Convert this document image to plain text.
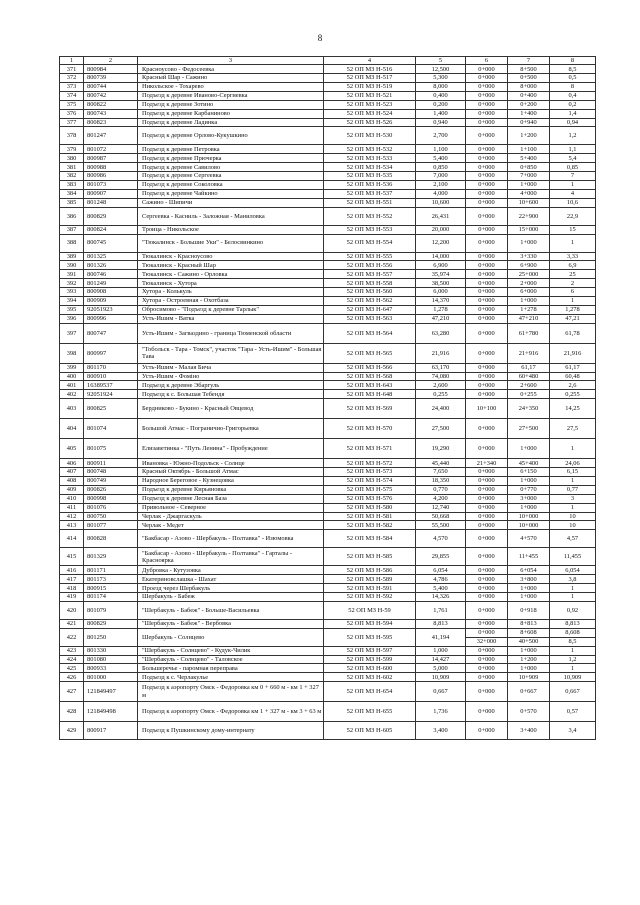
8
1	2	3	4	5	6	7	8
371	800984	Красноусово - Федосеевка	52 ОП МЗ Н-516	12,500	0+000	8+500	8,5
372	800739	Красный Шар - Сажино	52 ОП МЗ Н-517	5,300	0+000	0+500	0,5
373	800744	Никольское - Тохарево	52 ОП МЗ Н-519	8,000	0+000	8+000	8
374	800742	Подъезд к деревне Ивановo-Сергиевка	52 ОП МЗ Н-521	0,400	0+000	0+400	0,4
375	800822	Подъезд к деревне Зотино	52 ОП МЗ Н-523	0,200	0+000	0+200	0,2
376	800743	Подъезд к деревне Карбаниново	52 ОП МЗ Н-524	1,400	0+000	1+400	1,4
377	800823	Подъезд к деревне Ладинка	52 ОП МЗ Н-526	0,940	0+000	0+940	0,94
378	801247	Подъезд к деревне Орлово-Кукушкино	52 ОП МЗ Н-530	2,700	0+000	1+200	1,2
379	801072	Подъезд к деревне Петровка	52 ОП МЗ Н-532	1,100	0+000	1+100	1,1
380	800987	Подъезд к деревне Прючерка	52 ОП МЗ Н-533	5,400	0+000	5+400	5,4
381	800988	Подъезд к деревне Савилово	52 ОП МЗ Н-534	0,850	0+000	0+850	0,85
382	800986	Подъезд к деревне Сергеевка	52 ОП МЗ Н-535	7,000	0+000	7+000	7
383	801073	Подъезд к деревне Соколовка	52 ОП МЗ Н-536	2,100	0+000	1+000	1
384	800907	Подъезд к деревне Чайкино	52 ОП МЗ Н-537	4,000	0+000	4+000	4
385	801248	Сажино - Шипичи	52 ОП МЗ Н-551	10,600	0+000	10+600	10,6
386	800829	Сергеевка - Касниль - Заложная - Маниловка	52 ОП МЗ Н-552	26,431	0+000	22+900	22,9
387	800824	Троица - Никольское	52 ОП МЗ Н-553	20,000	0+000	15+000	15
388	800745	"Тюкалинск - Большие Уки" - Белосвинкино	52 ОП МЗ Н-554	12,200	0+000	1+000	1
389	801325	Тюкалинск - Красноусово	52 ОП МЗ Н-555	14,000	0+000	3+330	3,33
390	801326	Тюкалинск - Красный Шар	52 ОП МЗ Н-556	6,900	0+000	6+900	6,9
391	800746	Тюкалинск - Сажино - Орловка	52 ОП МЗ Н-557	35,974	0+000	25+000	25
392	801249	Тюкалинск - Хутора	52 ОП МЗ Н-558	38,500	0+000	2+000	2
393	800908	Хутора - Колькуль	52 ОП МЗ Н-560	6,000	0+000	6+000	6
394	800909	Хутора - Остроевная - Охотбаза	52 ОП МЗ Н-562	14,370	0+000	1+000	1
395	92051923	Обросимово - "Подъезд к деревне Тарлык"	52 ОП МЗ Н-647	1,278	0+000	1+278	1,278
396	800996	Усть-Ишим - Ватка	52 ОП МЗ Н-563	47,210	0+000	47+210	47,21
397	800747	Усть-Ишим - Загваздино - граница Тюменской области	52 ОП МЗ Н-564	63,280	0+000	61+780	61,78
398	800997	"Тобольск - Тара - Томск", участок "Тара - Усть-Ишим" - Большая Тава	52 ОП МЗ Н-565	21,916	0+000	21+916	21,916
399	801170	Усть-Ишим - Малая Бича	52 ОП МЗ Н-566	63,170	0+000	61,17	61,17
400	800910	Усть-Ишим - Фоміно	52 ОП МЗ Н-568	74,080	0+000	60+480	60,48
401	16389537	Подъезд к деревне Эбаргуль	52 ОП МЗ Н-643	2,600	0+000	2+600	2,6
402	92051924	Подъезд к с. Большая Тебендя	52 ОП МЗ Н-648	0,255	0+000	0+255	0,255
403	800825	Бердниково - Букино - Красный Овцевод	52 ОП МЗ Н-569	24,400	10+100	24+350	14,25
404	801074	Большой Атмас - Пограничио-Григорьевка	52 ОП МЗ Н-570	27,500	0+000	27+500	27,5
405	801075	Елизаветинка - "Путь Ленина" - Пробуждение	52 ОП МЗ Н-571	19,290	0+000	1+000	1
406	800911	Ивановка - Южно-Подольск - Солнце	52 ОП МЗ Н-572	45,440	21+340	45+400	24,06
407	800748	Красный Октябрь - Большой Атмас	52 ОП МЗ Н-573	7,650	0+000	6+150	6,15
408	800749	Народное Береговое - Кузнецовка	52 ОП МЗ Н-574	18,350	0+000	1+000	1
409	800826	Подъезд к деревне Кирьяновка	52 ОП МЗ Н-575	0,770	0+000	0+770	0,77
410	800998	Подъезд к деревне Лесная База	52 ОП МЗ Н-576	4,200	0+000	3+000	3
411	801076	Привольное - Северное	52 ОП МЗ Н-580	12,740	0+000	1+000	1
412	800750	Черлак - Джаргаскуль	52 ОП МЗ Н-581	50,668	0+000	10+000	10
413	801077	Черлак - Медет	52 ОП МЗ Н-582	55,500	0+000	10+000	10
414	800828	"Бакбасар - Азово - Шербакуль - Полтавка" - Изюмовка	52 ОП МЗ Н-584	4,570	0+000	4+570	4,57
415	801329	"Бакбасар - Азово - Шербакуль - Полтавка" - Гарталы - Красноярка	52 ОП МЗ Н-585	29,855	0+000	11+455	11,455
416	801171	Дубровка - Кутузовка	52 ОП МЗ Н-586	6,054	0+000	6+054	6,054
417	801173	Екатериновслашка - Шахат	52 ОП МЗ Н-589	4,786	0+000	3+800	3,8
418	800915	Проезд через Шербакуль	52 ОП МЗ Н-591	5,400	0+000	1+000	1
419	801174	Шербакуль - Бабеж	52 ОП МЗ Н-592	14,326	0+000	1+000	1
420	801079	"Шербакуль - Бабеж" - Больше-Васильевка	52 ОП МЗ Н-59	1,761	0+000	0+918	0,92
421	800829	"Шербакуль - Бабеж" - Вербовка	52 ОП МЗ Н-594	8,813	0+000	8+813	8,813
422	801250	Шербакуль - Солнцево	52 ОП МЗ Н-595	41,194	0+000	8+608	8,608
					32+000	40+500	8,5
423	801330	"Шербакуль - Солнцево" - Кудук-Чилик	52 ОП МЗ Н-597	1,000	0+000	1+000	1
424	801080	"Шербакуль - Солнцево" - Таловское	52 ОП МЗ Н-599	14,427	0+000	1+200	1,2
425	800933	Большеречье - паромная переправа	52 ОП МЗ Н-600	5,000	0+000	1+000	1
426	801000	Подъезд к с. Черлакулье	52 ОП МЗ Н-602	10,909	0+000	10+909	10,909
427	121849497	Подъезд к аэропорту Омск - Федоровка км 0 + 660 м - км 1 + 327 м	52 ОП МЗ Н-654	0,667	0+000	0+667	0,667
428	121849498	Подъезд к аэропорту Омск - Федоровка км 1 + 327 м - км 3 + 63 м	52 ОП МЗ Н-655	1,736	0+000	0+570	0,57
429	800917	Подъезд к Пушкинскому дому-интернату	52 ОП МЗ Н-605	3,400	0+000	3+400	3,4
